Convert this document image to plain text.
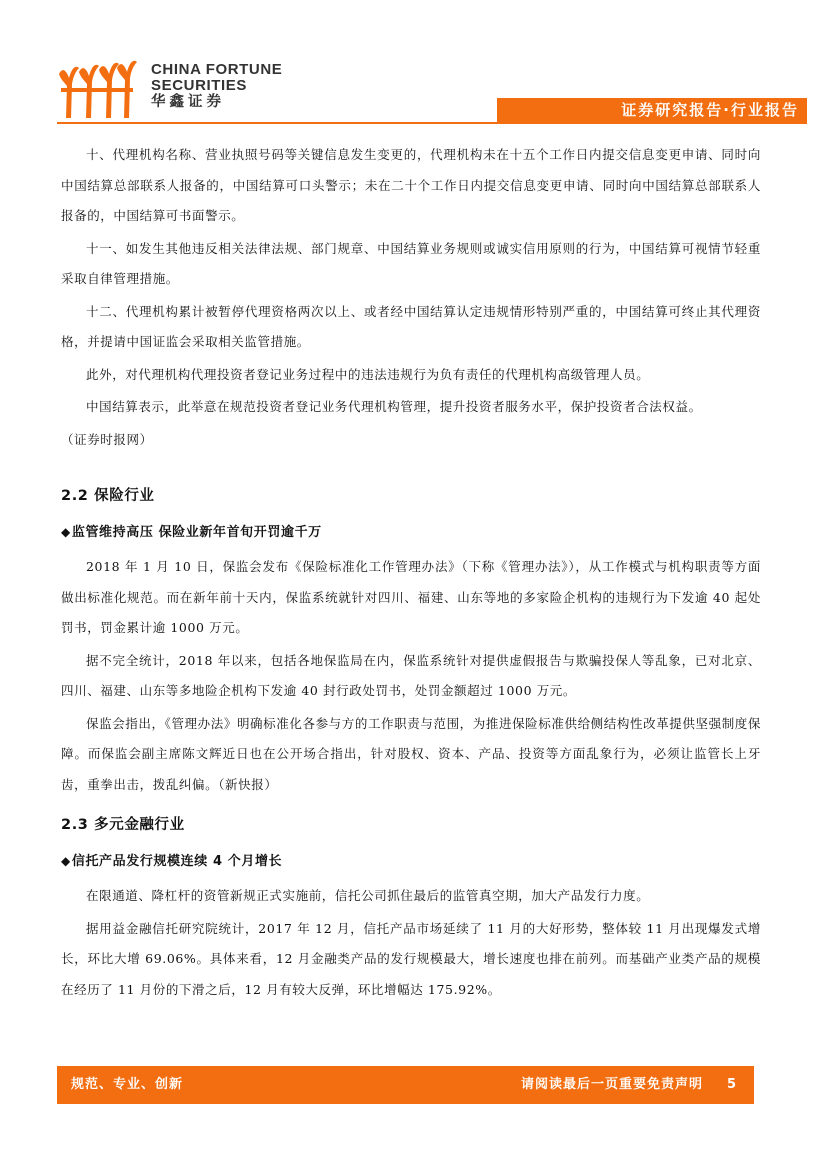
CHINA FORTUNE
SECURITIES
华鑫证券	证券研究报告·行业报告

十、代理机构名称、营业执照号码等关键信息发生变更的，代理机构未在十五个工作日内提交信息变更申请、同时向中国结算总部联系人报备的，中国结算可口头警示；未在二十个工作日内提交信息变更申请、同时向中国结算总部联系人报备的，中国结算可书面警示。

十一、如发生其他违反相关法律法规、部门规章、中国结算业务规则或诚实信用原则的行为，中国结算可视情节轻重采取自律管理措施。

十二、代理机构累计被暂停代理资格两次以上、或者经中国结算认定违规情形特别严重的，中国结算可终止其代理资格，并提请中国证监会采取相关监管措施。

此外，对代理机构代理投资者登记业务过程中的违法违规行为负有责任的代理机构高级管理人员。

中国结算表示，此举意在规范投资者登记业务代理机构管理，提升投资者服务水平，保护投资者合法权益。

（证券时报网）

2.2 保险行业
◆监管维持高压 保险业新年首旬开罚逾千万

2018 年 1 月 10 日，保监会发布《保险标准化工作管理办法》（下称《管理办法》），从工作模式与机构职责等方面做出标准化规范。而在新年前十天内，保监系统就针对四川、福建、山东等地的多家险企机构的违规行为下发逾 40 起处罚书，罚金累计逾 1000 万元。

据不完全统计，2018 年以来，包括各地保监局在内，保监系统针对提供虚假报告与欺骗投保人等乱象，已对北京、四川、福建、山东等多地险企机构下发逾 40 封行政处罚书，处罚金额超过 1000 万元。

保监会指出，《管理办法》明确标准化各参与方的工作职责与范围，为推进保险标准供给侧结构性改革提供坚强制度保障。而保监会副主席陈文辉近日也在公开场合指出，针对股权、资本、产品、投资等方面乱象行为，必须让监管长上牙齿，重拳出击，拨乱纠偏。（新快报）

2.3 多元金融行业
◆信托产品发行规模连续 4 个月增长

在限通道、降杠杆的资管新规正式实施前，信托公司抓住最后的监管真空期，加大产品发行力度。

据用益金融信托研究院统计，2017 年 12 月，信托产品市场延续了 11 月的大好形势，整体较 11 月出现爆发式增长，环比大增 69.06%。具体来看，12 月金融类产品的发行规模最大，增长速度也排在前列。而基础产业类产品的规模在经历了 11 月份的下滑之后，12 月有较大反弹，环比增幅达 175.92%。

规范、专业、创新	请阅读最后一页重要免责声明 5
